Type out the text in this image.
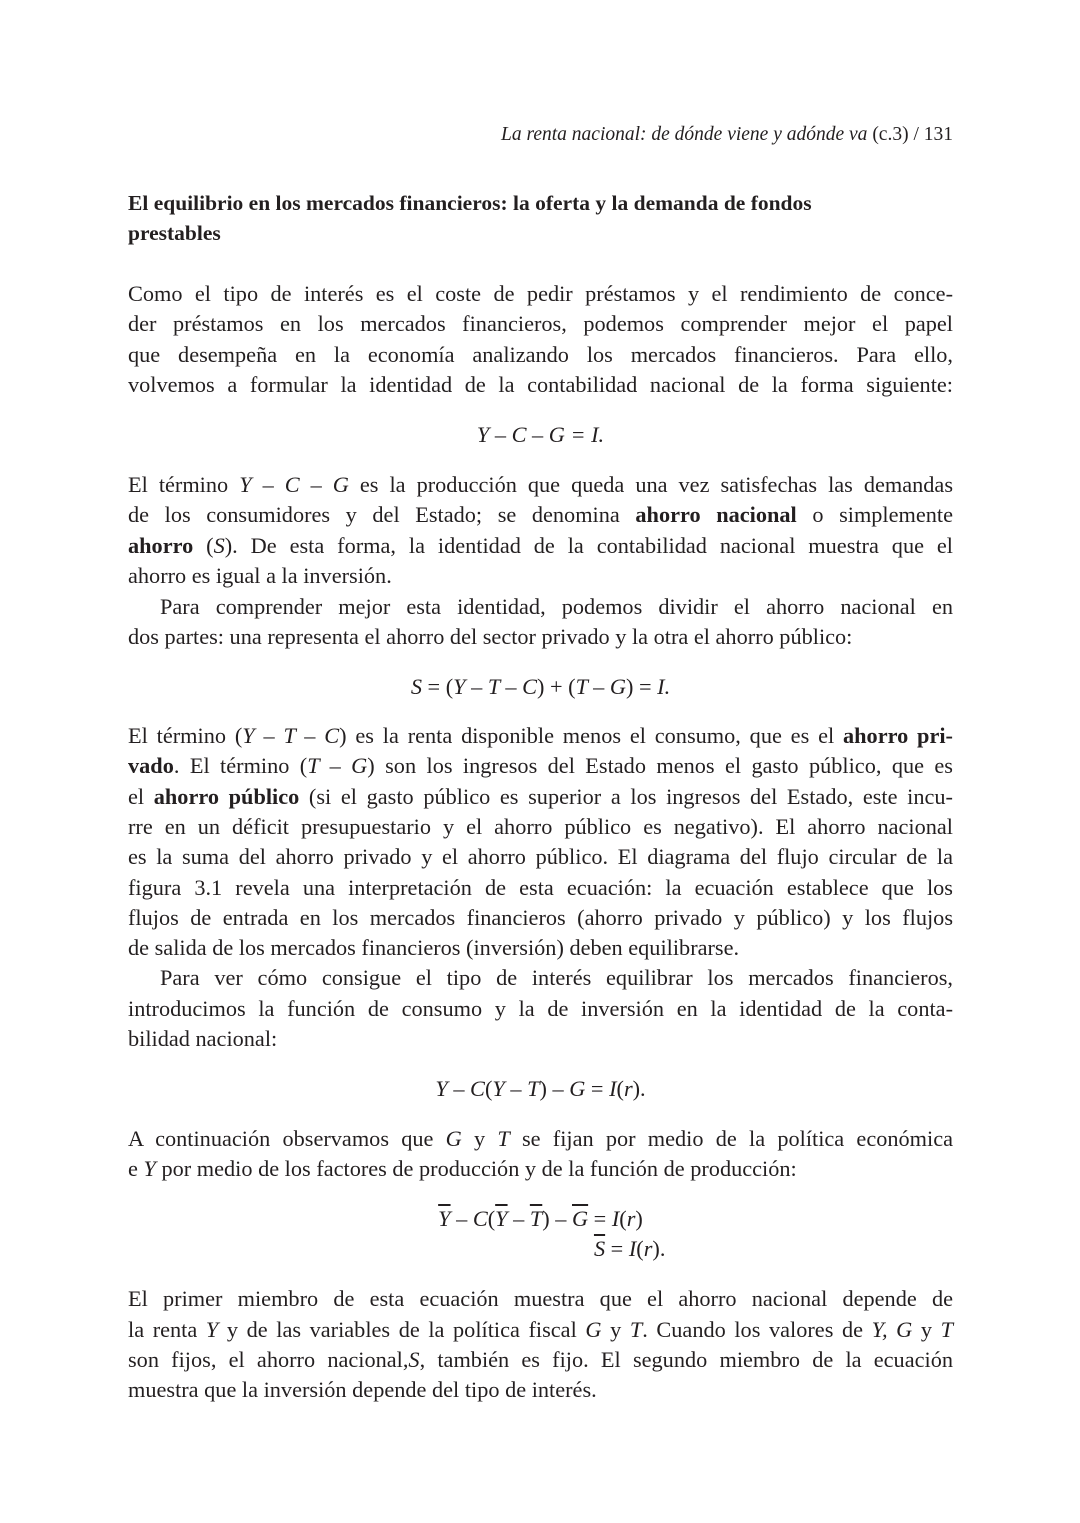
La renta nacional: de dónde viene y adónde va (c.3) / 131
El equilibrio en los mercados financieros: la oferta y la demanda de fondos
prestables
Como el tipo de interés es el coste de pedir préstamos y el rendimiento de conce-
der préstamos en los mercados financieros, podemos comprender mejor el papel
que desempeña en la economía analizando los mercados financieros. Para ello,
volvemos a formular la identidad de la contabilidad nacional de la forma siguiente:
Y – C – G = I.
El término Y – C – G es la producción que queda una vez satisfechas las demandas
de los consumidores y del Estado; se denomina ahorro nacional o simplemente
ahorro (S). De esta forma, la identidad de la contabilidad nacional muestra que el
ahorro es igual a la inversión.
Para comprender mejor esta identidad, podemos dividir el ahorro nacional en
dos partes: una representa el ahorro del sector privado y la otra el ahorro público:
S = (Y – T – C) + (T – G) = I.
El término (Y – T – C) es la renta disponible menos el consumo, que es el ahorro pri-
vado. El término (T – G) son los ingresos del Estado menos el gasto público, que es
el ahorro público (si el gasto público es superior a los ingresos del Estado, este incu-
rre en un déficit presupuestario y el ahorro público es negativo). El ahorro nacional
es la suma del ahorro privado y el ahorro público. El diagrama del flujo circular de la
figura 3.1 revela una interpretación de esta ecuación: la ecuación establece que los
flujos de entrada en los mercados financieros (ahorro privado y público) y los flujos
de salida de los mercados financieros (inversión) deben equilibrarse.
Para ver cómo consigue el tipo de interés equilibrar los mercados financieros,
introducimos la función de consumo y la de inversión en la identidad de la conta-
bilidad nacional:
Y – C(Y – T) – G = I(r).
A continuación observamos que G y T se fijan por medio de la política económica
e Y por medio de los factores de producción y de la función de producción:
$\overline{Y} - C(\overline{Y} - \overline{T}) - \overline{G} = I(r)$
        $\overline{S} = I(r)$.
El primer miembro de esta ecuación muestra que el ahorro nacional depende de
la renta Y y de las variables de la política fiscal G y T. Cuando los valores de Y, G y T
son fijos, el ahorro nacional,S, también es fijo. El segundo miembro de la ecuación
muestra que la inversión depende del tipo de interés.
